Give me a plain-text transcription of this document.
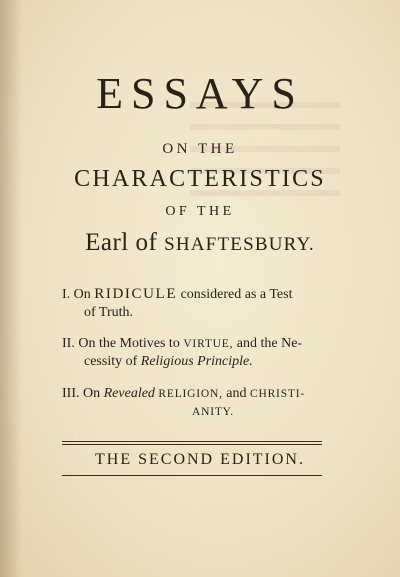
ESSAYS
ON THE
CHARACTERISTICS
OF THE
Earl of SHAFTESBURY.
I. On RIDICULE considered as a Test
of Truth.
II. On the Motives to VIRTUE, and the Ne-
cessity of Religious Principle.
III. On Revealed RELIGION, and CHRISTI-
ANITY.
THE SECOND EDITION.
